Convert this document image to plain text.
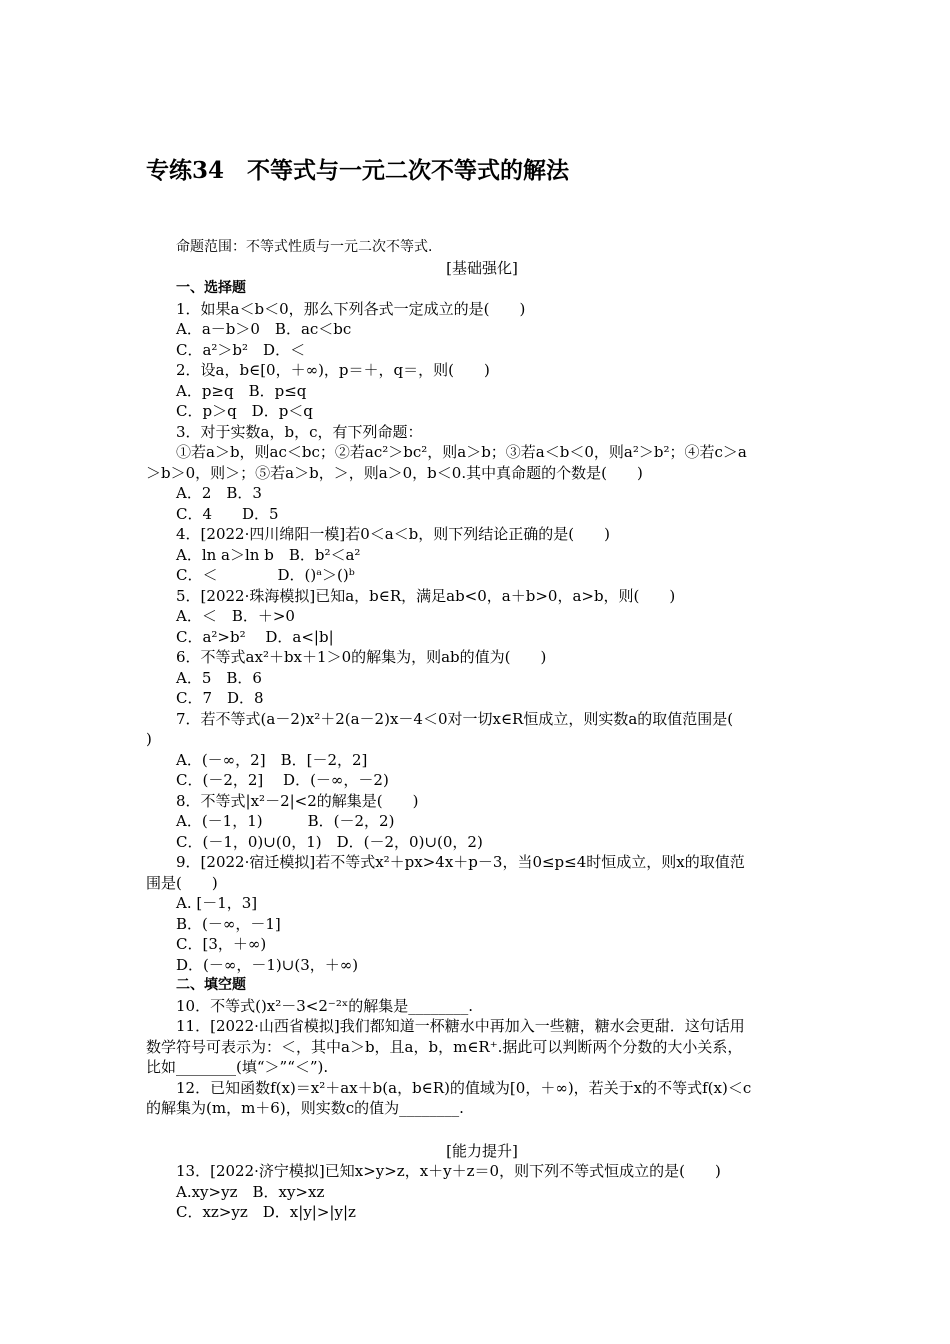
专练34　不等式与一元二次不等式的解法
命题范围：不等式性质与一元二次不等式.
[基础强化]
一、选择题
1．如果a＜b＜0，那么下列各式一定成立的是(　　)
A．a－b＞0　B．ac＜bc
C．a²＞b²　D．＜
2．设a，b∈[0，＋∞)，p＝＋，q＝，则(　　)
A．p≥q　B．p≤q
C．p＞q　D．p＜q
3．对于实数a，b，c，有下列命题：
①若a＞b，则ac＜bc；②若ac²＞bc²，则a＞b；③若a＜b＜0，则a²＞b²；④若c＞a
＞b＞0，则＞；⑤若a＞b，＞，则a＞0，b＜0.其中真命题的个数是(　　)
A．2　B．3
C．4　　D．5
4．[2022·四川绵阳一模]若0＜a＜b，则下列结论正确的是(　　)
A．ln a＞ln b　B．b²＜a²
C．＜　　　　D．()ᵃ＞()ᵇ
5．[2022·珠海模拟]已知a，b∈R，满足ab<0，a＋b>0，a>b，则(　　)
A．＜　B．＋>0
C．a²>b²　 D．a<|b|
6．不等式ax²＋bx＋1＞0的解集为，则ab的值为(　　)
A．5　B．6
C．7　D．8
7．若不等式(a－2)x²＋2(a－2)x－4＜0对一切x∈R恒成立，则实数a的取值范围是(
)
A．(－∞，2]　B．[－2，2]
C．(－2，2]　 D．(－∞，－2)
8．不等式|x²－2|<2的解集是(　　)
A．(－1，1)　　　B．(－2，2)
C．(－1，0)∪(0，1)　D．(－2，0)∪(0，2)
9．[2022·宿迁模拟]若不等式x²＋px>4x＋p－3，当0≤p≤4时恒成立，则x的取值范
围是(　　)
A. [－1，3]
B．(－∞，－1]
C．[3，＋∞)
D．(－∞，－1)∪(3，＋∞)
二、填空题
10．不等式()x²－3<2⁻²ˣ的解集是________.
11．[2022·山西省模拟]我们都知道一杯糖水中再加入一些糖，糖水会更甜．这句话用
数学符号可表示为：＜，其中a＞b，且a，b，m∈R⁺.据此可以判断两个分数的大小关系，
比如________(填“＞”“＜”).
12．已知函数f(x)＝x²＋ax＋b(a，b∈R)的值域为[0，＋∞)，若关于x的不等式f(x)＜c
的解集为(m，m＋6)，则实数c的值为________.
[能力提升]
13．[2022·济宁模拟]已知x>y>z，x＋y＋z＝0，则下列不等式恒成立的是(　　)
A.xy>yz　B．xy>xz
C．xz>yz　D．x|y|>|y|z
